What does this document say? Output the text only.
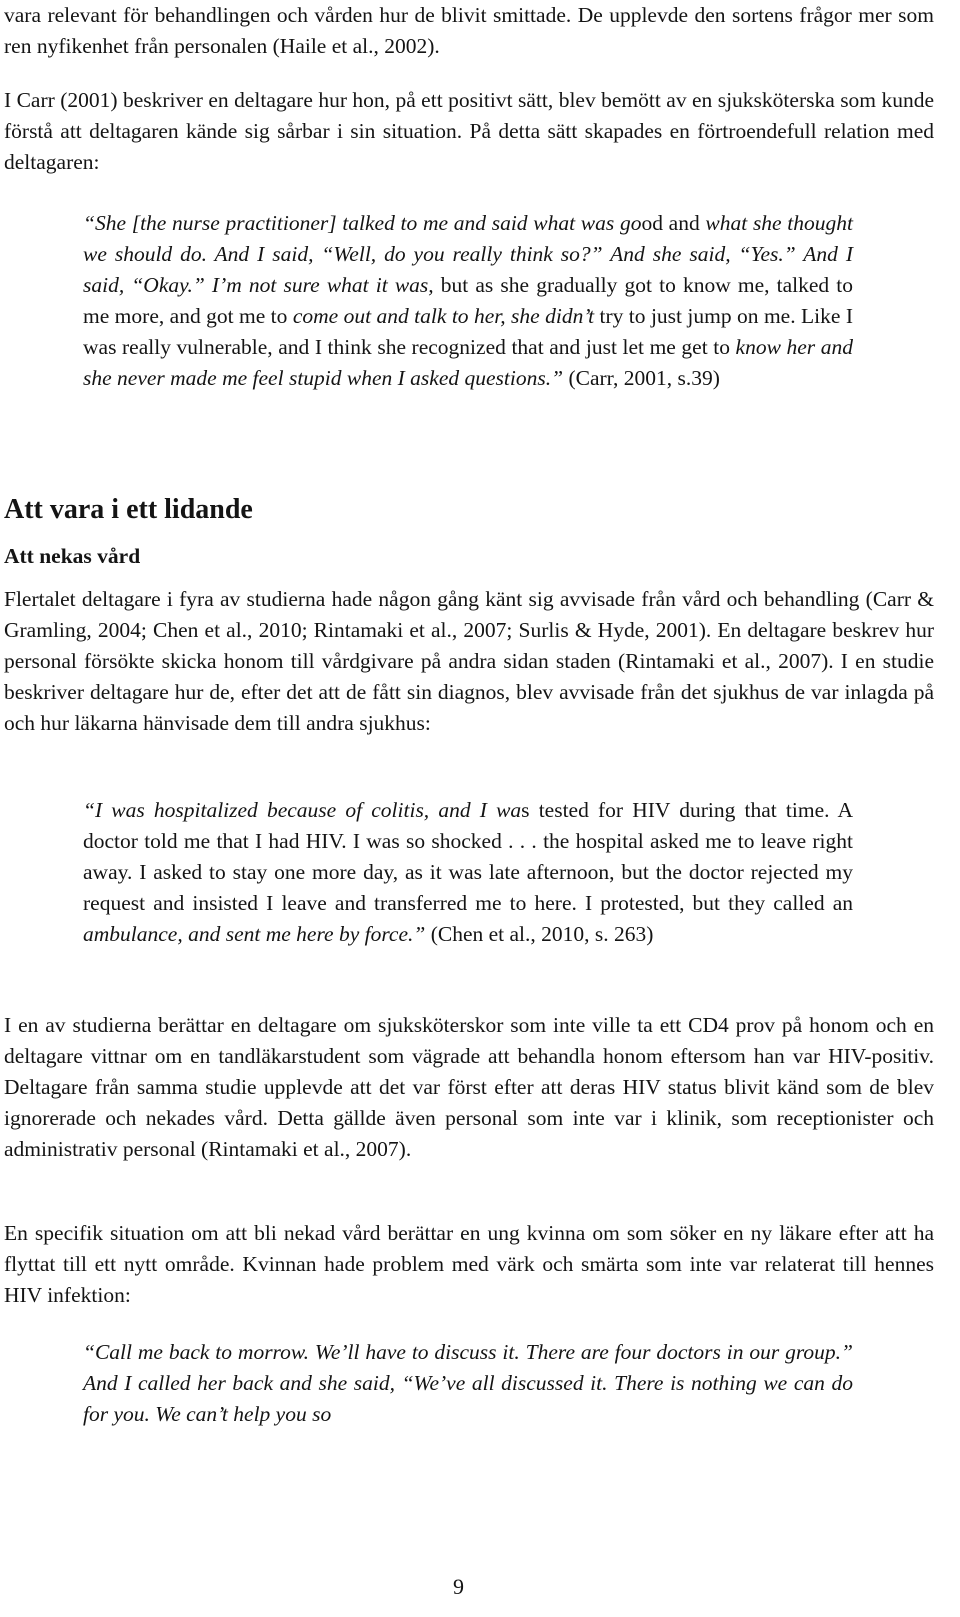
vara relevant för behandlingen och vården hur de blivit smittade. De upplevde den sortens frågor mer som ren nyfikenhet från personalen (Haile et al., 2002).

I Carr (2001) beskriver en deltagare hur hon, på ett positivt sätt, blev bemött av en sjuksköterska som kunde förstå att deltagaren kände sig sårbar i sin situation. På detta sätt skapades en förtroendefull relation med deltagaren:

“She [the nurse practitioner] talked to me and said what was good and what she thought we should do. And I said, “Well, do you really think so?” And she said, “Yes.” And I said, “Okay.” I’m not sure what it was, but as she gradually got to know me, talked to me more, and got me to come out and talk to her, she didn’t try to just jump on me. Like I was really vulnerable, and I think she recognized that and just let me get to know her and she never made me feel stupid when I asked questions.” (Carr, 2001, s.39)
Att vara i ett lidande
Att nekas vård

Flertalet deltagare i fyra av studierna hade någon gång känt sig avvisade från vård och behandling (Carr & Gramling, 2004; Chen et al., 2010; Rintamaki et al., 2007; Surlis & Hyde, 2001). En deltagare beskrev hur personal försökte skicka honom till vårdgivare på andra sidan staden (Rintamaki et al., 2007). I en studie beskriver deltagare hur de, efter det att de fått sin diagnos, blev avvisade från det sjukhus de var inlagda på och hur läkarna hänvisade dem till andra sjukhus:

“I was hospitalized because of colitis, and I was tested for HIV during that time. A doctor told me that I had HIV. I was so shocked . . . the hospital asked me to leave right away. I asked to stay one more day, as it was late afternoon, but the doctor rejected my request and insisted I leave and transferred me to here. I protested, but they called an ambulance, and sent me here by force.” (Chen et al., 2010, s. 263)

I en av studierna berättar en deltagare om sjuksköterskor som inte ville ta ett CD4 prov på honom och en deltagare vittnar om en tandläkarstudent som vägrade att behandla honom eftersom han var HIV-positiv. Deltagare från samma studie upplevde att det var först efter att deras HIV status blivit känd som de blev ignorerade och nekades vård. Detta gällde även personal som inte var i klinik, som receptionister och administrativ personal (Rintamaki et al., 2007).

En specifik situation om att bli nekad vård berättar en ung kvinna om som söker en ny läkare efter att ha flyttat till ett nytt område. Kvinnan hade problem med värk och smärta som inte var relaterat till hennes HIV infektion:

“Call me back to morrow. We’ll have to discuss it. There are four doctors in our group.” And I called her back and she said, “We’ve all discussed it. There is nothing we can do for you. We can’t help you so
9
